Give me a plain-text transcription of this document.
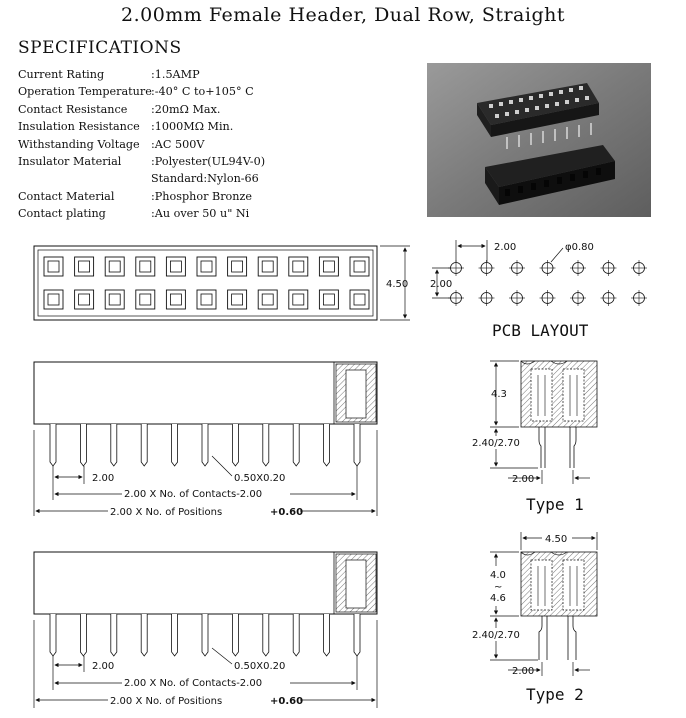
2.00mm Female Header, Dual Row, Straight
SPECIFICATIONS
Current Rating	:1.5AMP
Operation Temperature :-40° C to+105° C
Contact Resistance	:20mΩ Max.
Insulation Resistance	:1000MΩ Min.
Withstanding Voltage	:AC 500V
Insulator Material	:Polyester(UL94V-0)
Standard:Nylon-66
Contact Material	:Phosphor Bronze
Contact plating	:Au over 50 u" Ni
4.50
2.00	φ0.80
2.00
PCB LAYOUT
2.00	0.50X0.20
2.00 X No. of Contacts-2.00
2.00 X No. of Positions	+0.60
2.00	0.50X0.20
2.00 X No. of Contacts-2.00
2.00 X No. of Positions	+0.60
4.3
2.40/2.70
2.00
Type 1
4.50
4.0
~
4.6
2.40/2.70
2.00
Type 2
